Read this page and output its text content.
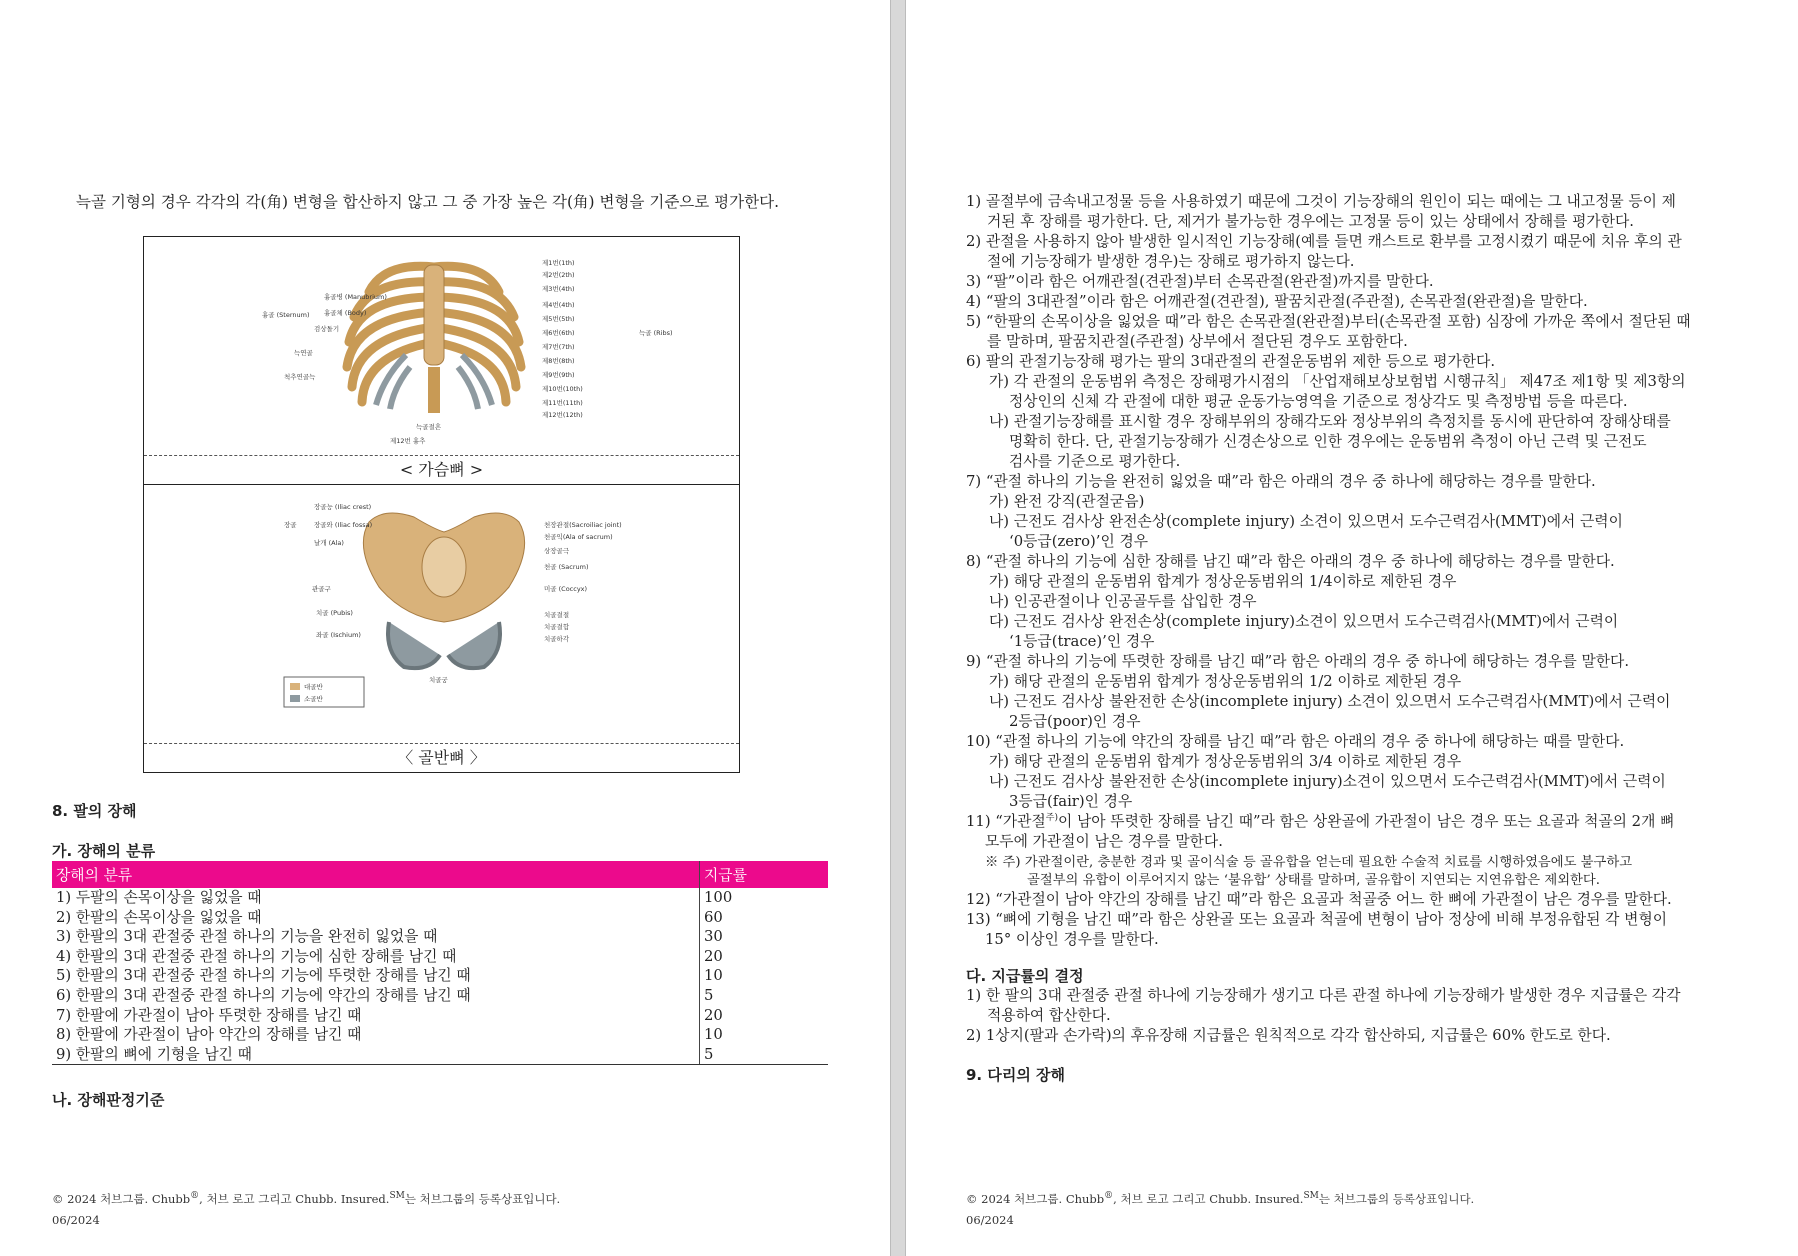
늑골 기형의 경우 각각의 각(角) 변형을 합산하지 않고 그 중 가장 높은 각(角) 변형을 기준으로 평가한다.
제1번(1th)
제2번(2th)
제3번(4th)
제4번(4th)
제5번(5th)
제6번(6th)
제7번(7th)
제8번(8th)
제9번(9th)
제10번(10th)
제11번(11th)
제12번(12th)
흉골병 (Manubrium)
흉골체 (Body)
검상돌기
흉골 (Sternum)
늑연골
척추연골늑
늑골 (Ribs)
늑골절흔
제12번 흉추
< 가슴뼈 >
장골능 (Iliac crest)
장골와 (Iliac fossa)
날개 (Ala)
장골	천장관절(Sacroiliac joint)
천골익(Ala of sacrum)
상장골극
천골 (Sacrum)
미골 (Coccyx)
관골구
치골 (Pubis)
좌골 (Ischium)
치골결절
치골결합
치골하각
치골궁
대골반
소골반
〈 골반뼈 〉
8. 팔의 장해
가. 장해의 분류
장해의 분류	지급률
1) 두팔의 손목이상을 잃었을 때	100
2) 한팔의 손목이상을 잃었을 때	60
3) 한팔의 3대 관절중 관절 하나의 기능을 완전히 잃었을 때	30
4) 한팔의 3대 관절중 관절 하나의 기능에 심한 장해를 남긴 때	20
5) 한팔의 3대 관절중 관절 하나의 기능에 뚜렷한 장해를 남긴 때	10
6) 한팔의 3대 관절중 관절 하나의 기능에 약간의 장해를 남긴 때	5
7) 한팔에 가관절이 남아 뚜렷한 장해를 남긴 때	20
8) 한팔에 가관절이 남아 약간의 장해를 남긴 때	10
9) 한팔의 뼈에 기형을 남긴 때	5
나. 장해판정기준
© 2024 처브그룹. Chubb®, 처브 로고 그리고 Chubb. Insured.℠는 처브그룹의 등록상표입니다.
06/2024
1) 골절부에 금속내고정물 등을 사용하였기 때문에 그것이 기능장해의 원인이 되는 때에는 그 내고정물 등이 제
거된 후 장해를 평가한다. 단, 제거가 불가능한 경우에는 고정물 등이 있는 상태에서 장해를 평가한다.
2) 관절을 사용하지 않아 발생한 일시적인 기능장해(예를 들면 캐스트로 환부를 고정시켰기 때문에 치유 후의 관
절에 기능장해가 발생한 경우)는 장해로 평가하지 않는다.
3) “팔”이라 함은 어깨관절(견관절)부터 손목관절(완관절)까지를 말한다.
4) “팔의 3대관절”이라 함은 어깨관절(견관절), 팔꿈치관절(주관절), 손목관절(완관절)을 말한다.
5) “한팔의 손목이상을 잃었을 때”라 함은 손목관절(완관절)부터(손목관절 포함) 심장에 가까운 쪽에서 절단된 때
를 말하며, 팔꿈치관절(주관절) 상부에서 절단된 경우도 포함한다.
6) 팔의 관절기능장해 평가는 팔의 3대관절의 관절운동범위 제한 등으로 평가한다.
가) 각 관절의 운동범위 측정은 장해평가시점의 「산업재해보상보험법 시행규칙」 제47조 제1항 및 제3항의
정상인의 신체 각 관절에 대한 평균 운동가능영역을 기준으로 정상각도 및 측정방법 등을 따른다.
나) 관절기능장해를 표시할 경우 장해부위의 장해각도와 정상부위의 측정치를 동시에 판단하여 장해상태를
명확히 한다. 단, 관절기능장해가 신경손상으로 인한 경우에는 운동범위 측정이 아닌 근력 및 근전도
검사를 기준으로 평가한다.
7) “관절 하나의 기능을 완전히 잃었을 때”라 함은 아래의 경우 중 하나에 해당하는 경우를 말한다.
가) 완전 강직(관절굳음)
나) 근전도 검사상 완전손상(complete injury) 소견이 있으면서 도수근력검사(MMT)에서 근력이
‘0등급(zero)’인 경우
8) “관절 하나의 기능에 심한 장해를 남긴 때”라 함은 아래의 경우 중 하나에 해당하는 경우를 말한다.
가) 해당 관절의 운동범위 합계가 정상운동범위의 1/4이하로 제한된 경우
나) 인공관절이나 인공골두를 삽입한 경우
다) 근전도 검사상 완전손상(complete injury)소견이 있으면서 도수근력검사(MMT)에서 근력이
‘1등급(trace)’인 경우
9) “관절 하나의 기능에 뚜렷한 장해를 남긴 때”라 함은 아래의 경우 중 하나에 해당하는 경우를 말한다.
가) 해당 관절의 운동범위 합계가 정상운동범위의 1/2 이하로 제한된 경우
나) 근전도 검사상 불완전한 손상(incomplete injury) 소견이 있으면서 도수근력검사(MMT)에서 근력이
2등급(poor)인 경우
10) “관절 하나의 기능에 약간의 장해를 남긴 때”라 함은 아래의 경우 중 하나에 해당하는 때를 말한다.
가) 해당 관절의 운동범위 합계가 정상운동범위의 3/4 이하로 제한된 경우
나) 근전도 검사상 불완전한 손상(incomplete injury)소견이 있으면서 도수근력검사(MMT)에서 근력이
3등급(fair)인 경우
11) “가관절$^{주)}$이 남아 뚜렷한 장해를 남긴 때”라 함은 상완골에 가관절이 남은 경우 또는 요골과 척골의 2개 뼈
모두에 가관절이 남은 경우를 말한다.
※ 주) 가관절이란, 충분한 경과 및 골이식술 등 골유합을 얻는데 필요한 수술적 치료를 시행하였음에도 불구하고
골절부의 유합이 이루어지지 않는 ‘불유합’ 상태를 말하며, 골유합이 지연되는 지연유합은 제외한다.
12) “가관절이 남아 약간의 장해를 남긴 때”라 함은 요골과 척골중 어느 한 뼈에 가관절이 남은 경우를 말한다.
13) “뼈에 기형을 남긴 때”라 함은 상완골 또는 요골과 척골에 변형이 남아 정상에 비해 부정유합된 각 변형이
15° 이상인 경우를 말한다.
다. 지급률의 결정
1) 한 팔의 3대 관절중 관절 하나에 기능장해가 생기고 다른 관절 하나에 기능장해가 발생한 경우 지급률은 각각
적용하여 합산한다.
2) 1상지(팔과 손가락)의 후유장해 지급률은 원칙적으로 각각 합산하되, 지급률은 60% 한도로 한다.
9. 다리의 장해
© 2024 처브그룹. Chubb®, 처브 로고 그리고 Chubb. Insured.℠는 처브그룹의 등록상표입니다.
06/2024
